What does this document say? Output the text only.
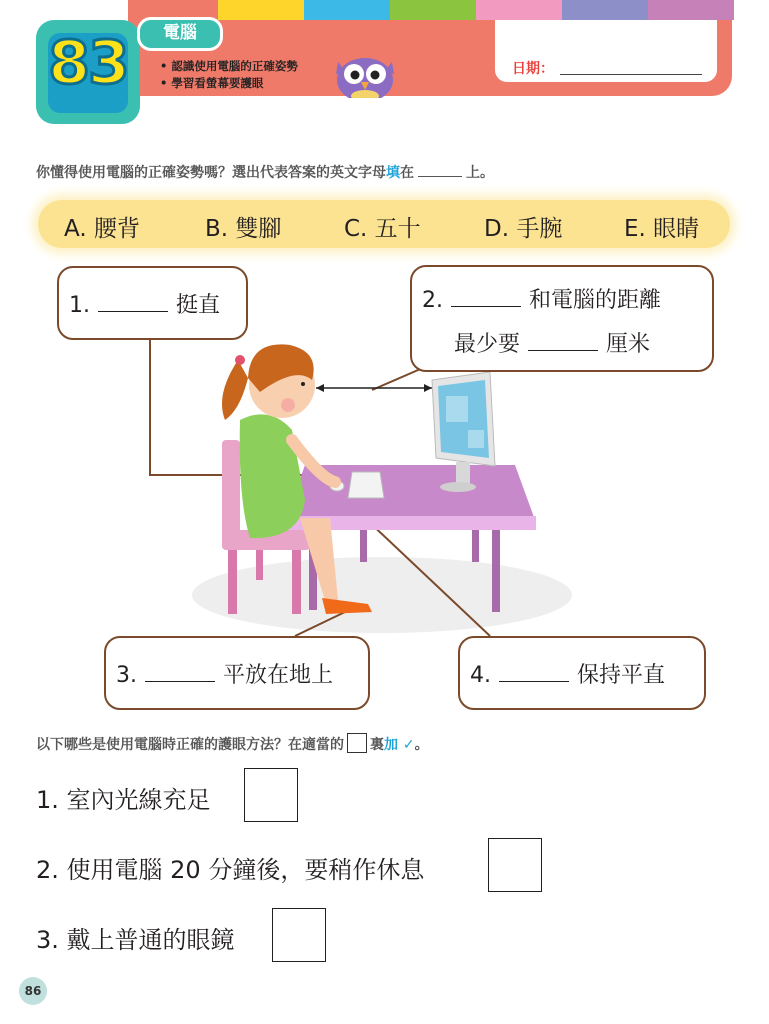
日期：
83	電腦
• 認識使用電腦的正確姿勢
• 學習看螢幕要護眼
你懂得使用電腦的正確姿勢嗎？選出代表答案的英文字母填在	上。
A. 腰背	B. 雙腳	C. 五十	D. 手腕	E. 眼睛
1.	挺直	2.	和電腦的距離
最少要	厘米
3.	平放在地上	4.	保持平直
以下哪些是使用電腦時正確的護眼方法？在適當的 裏加 ✓。
1. 室內光線充足
2. 使用電腦 20 分鐘後，要稍作休息
3. 戴上普通的眼鏡
86
